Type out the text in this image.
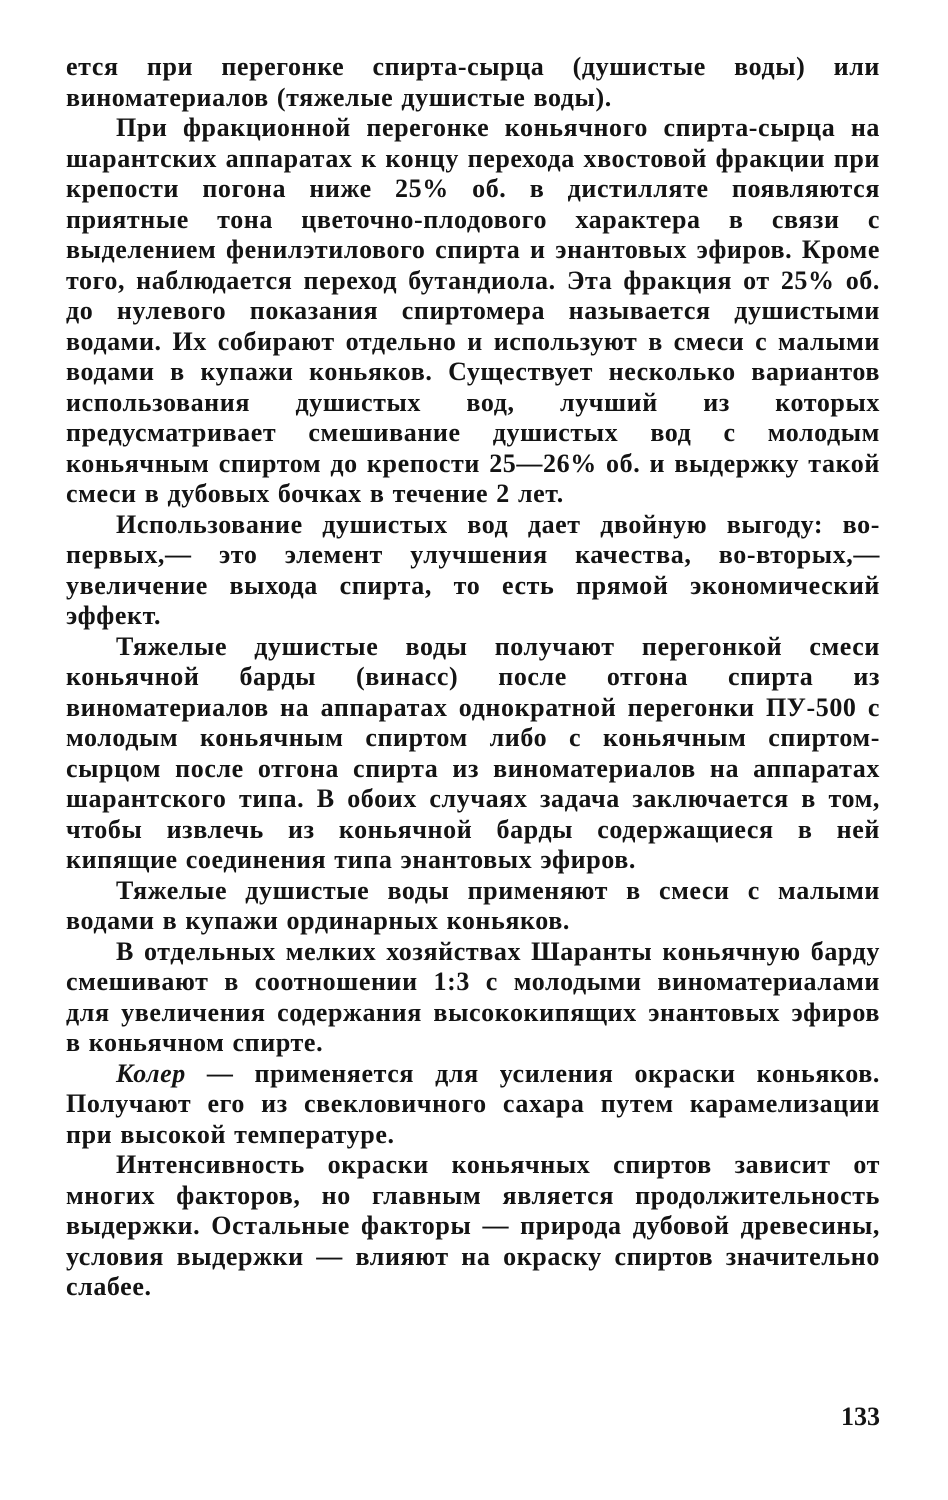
ется при перегонке спирта-сырца (душистые воды) или виноматериалов (тяжелые душистые воды).

При фракционной перегонке коньячного спирта-сырца на шарантских аппаратах к концу перехода хвостовой фракции при крепости погона ниже 25% об. в дистилляте появляются приятные тона цветочно-плодового характера в связи с выделением фенилэтилового спирта и энантовых эфиров. Кроме того, наблюдается переход бутандиола. Эта фракция от 25% об. до нулевого показания спиртомера называется душистыми водами. Их собирают отдельно и используют в смеси с малыми водами в купажи коньяков. Существует несколько вариантов использования душистых вод, лучший из которых предусматривает смешивание душистых вод с молодым коньячным спиртом до крепости 25—26% об. и выдержку такой смеси в дубовых бочках в течение 2 лет.

Использование душистых вод дает двойную выгоду: во-первых,— это элемент улучшения качества, во-вторых,— увеличение выхода спирта, то есть прямой экономический эффект.

Тяжелые душистые воды получают перегонкой смеси коньячной барды (винасс) после отгона спирта из виноматериалов на аппаратах однократной перегонки ПУ-500 с молодым коньячным спиртом либо с коньячным спиртом-сырцом после отгона спирта из виноматериалов на аппаратах шарантского типа. В обоих случаях задача заключается в том, чтобы извлечь из коньячной барды содержащиеся в ней кипящие соединения типа энантовых эфиров.

Тяжелые душистые воды применяют в смеси с малыми водами в купажи ординарных коньяков.

В отдельных мелких хозяйствах Шаранты коньячную барду смешивают в соотношении 1:3 с молодыми виноматериалами для увеличения содержания высококипящих энантовых эфиров в коньячном спирте.

Колер — применяется для усиления окраски коньяков. Получают его из свекловичного сахара путем карамелизации при высокой температуре.

Интенсивность окраски коньячных спиртов зависит от многих факторов, но главным является продолжительность выдержки. Остальные факторы — природа дубовой древесины, условия выдержки — влияют на окраску спиртов значительно слабее.

133
